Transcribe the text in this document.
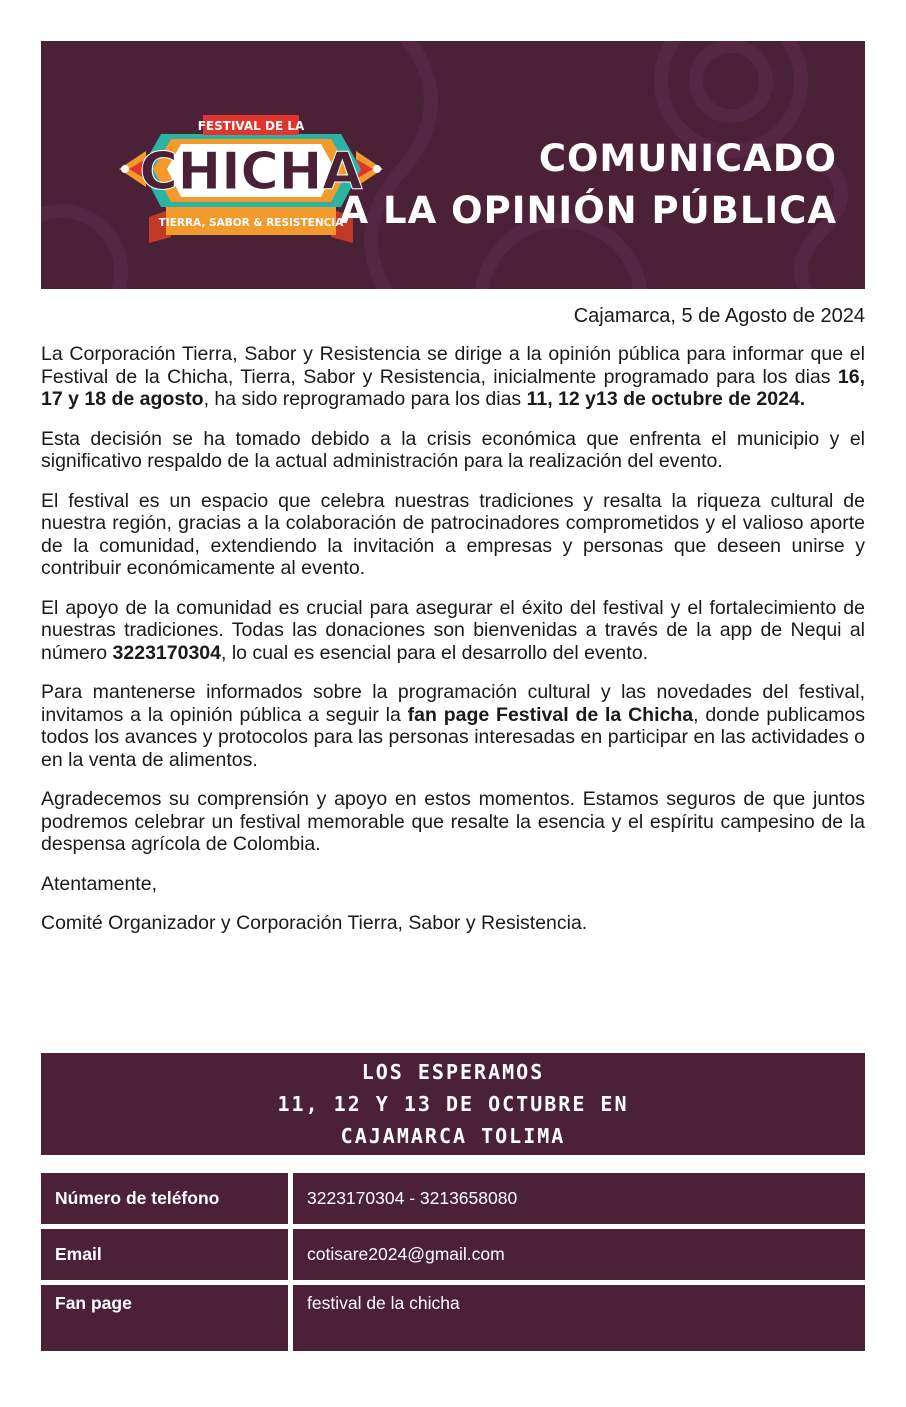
FESTIVAL DE LA
CHICHA
TIERRA, SABOR & RESISTENCIA
COMUNICADO
A LA OPINIÓN PÚBLICA
Cajamarca, 5 de Agosto de 2024

La Corporación Tierra, Sabor y Resistencia se dirige a la opinión pública para informar que el Festival de la Chicha, Tierra, Sabor y Resistencia, inicialmente programado para los dias 16, 17 y 18 de agosto, ha sido reprogramado para los dias 11, 12 y13 de octubre de 2024.

Esta decisión se ha tomado debido a la crisis económica que enfrenta el municipio y el significativo respaldo de la actual administración para la realización del evento.

El festival es un espacio que celebra nuestras tradiciones y resalta la riqueza cultural de nuestra región, gracias a la colaboración de patrocinadores comprometidos y el valioso aporte de la comunidad, extendiendo la invitación a empresas y personas que deseen unirse y contribuir económicamente al evento.

El apoyo de la comunidad es crucial para asegurar el éxito del festival y el fortalecimiento de nuestras tradiciones. Todas las donaciones son bienvenidas a través de la app de Nequi al número 3223170304, lo cual es esencial para el desarrollo del evento.

Para mantenerse informados sobre la programación cultural y las novedades del festival, invitamos a la opinión pública a seguir la fan page Festival de la Chicha, donde publicamos todos los avances y protocolos para las personas interesadas en participar en las actividades o en la venta de alimentos.

Agradecemos su comprensión y apoyo en estos momentos. Estamos seguros de que juntos podremos celebrar un festival memorable que resalte la esencia y el espíritu campesino de la despensa agrícola de Colombia.

Atentamente,

Comité Organizador y Corporación Tierra, Sabor y Resistencia.

LOS ESPERAMOS
11, 12 Y 13 DE OCTUBRE EN
CAJAMARCA TOLIMA
Número de teléfono	3223170304 - 3213658080
Email	cotisare2024@gmail.com
Fan page	festival de la chicha
